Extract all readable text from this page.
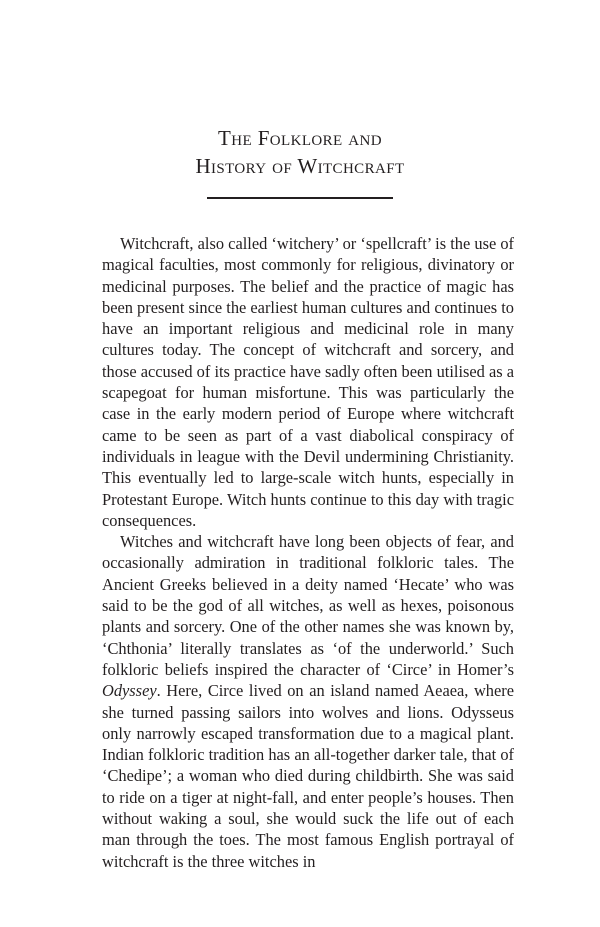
The Folklore and
History of Witchcraft

Witchcraft, also called ‘witchery’ or ‘spellcraft’ is the use of magical faculties, most commonly for religious, divinatory or medicinal purposes. The belief and the practice of magic has been present since the earliest human cultures and continues to have an important religious and medicinal role in many cultures today. The concept of witchcraft and sorcery, and those accused of its practice have sadly often been utilised as a scapegoat for human misfortune. This was particularly the case in the early modern period of Europe where witchcraft came to be seen as part of a vast diabolical conspiracy of individuals in league with the Devil undermining Christianity. This eventually led to large-scale witch hunts, especially in Protestant Europe. Witch hunts continue to this day with tragic consequences.

Witches and witchcraft have long been objects of fear, and occasionally admiration in traditional folkloric tales. The Ancient Greeks believed in a deity named ‘Hecate’ who was said to be the god of all witches, as well as hexes, poisonous plants and sorcery. One of the other names she was known by, ‘Chthonia’ literally translates as ‘of the underworld.’ Such folkloric beliefs inspired the character of ‘Circe’ in Homer’s Odyssey. Here, Circe lived on an island named Aeaea, where she turned passing sailors into wolves and lions. Odysseus only narrowly escaped transformation due to a magical plant. Indian folkloric tradition has an all-together darker tale, that of ‘Chedipe’; a woman who died during childbirth. She was said to ride on a tiger at night-fall, and enter people’s houses. Then without waking a soul, she would suck the life out of each man through the toes. The most famous English portrayal of witchcraft is the three witches in
